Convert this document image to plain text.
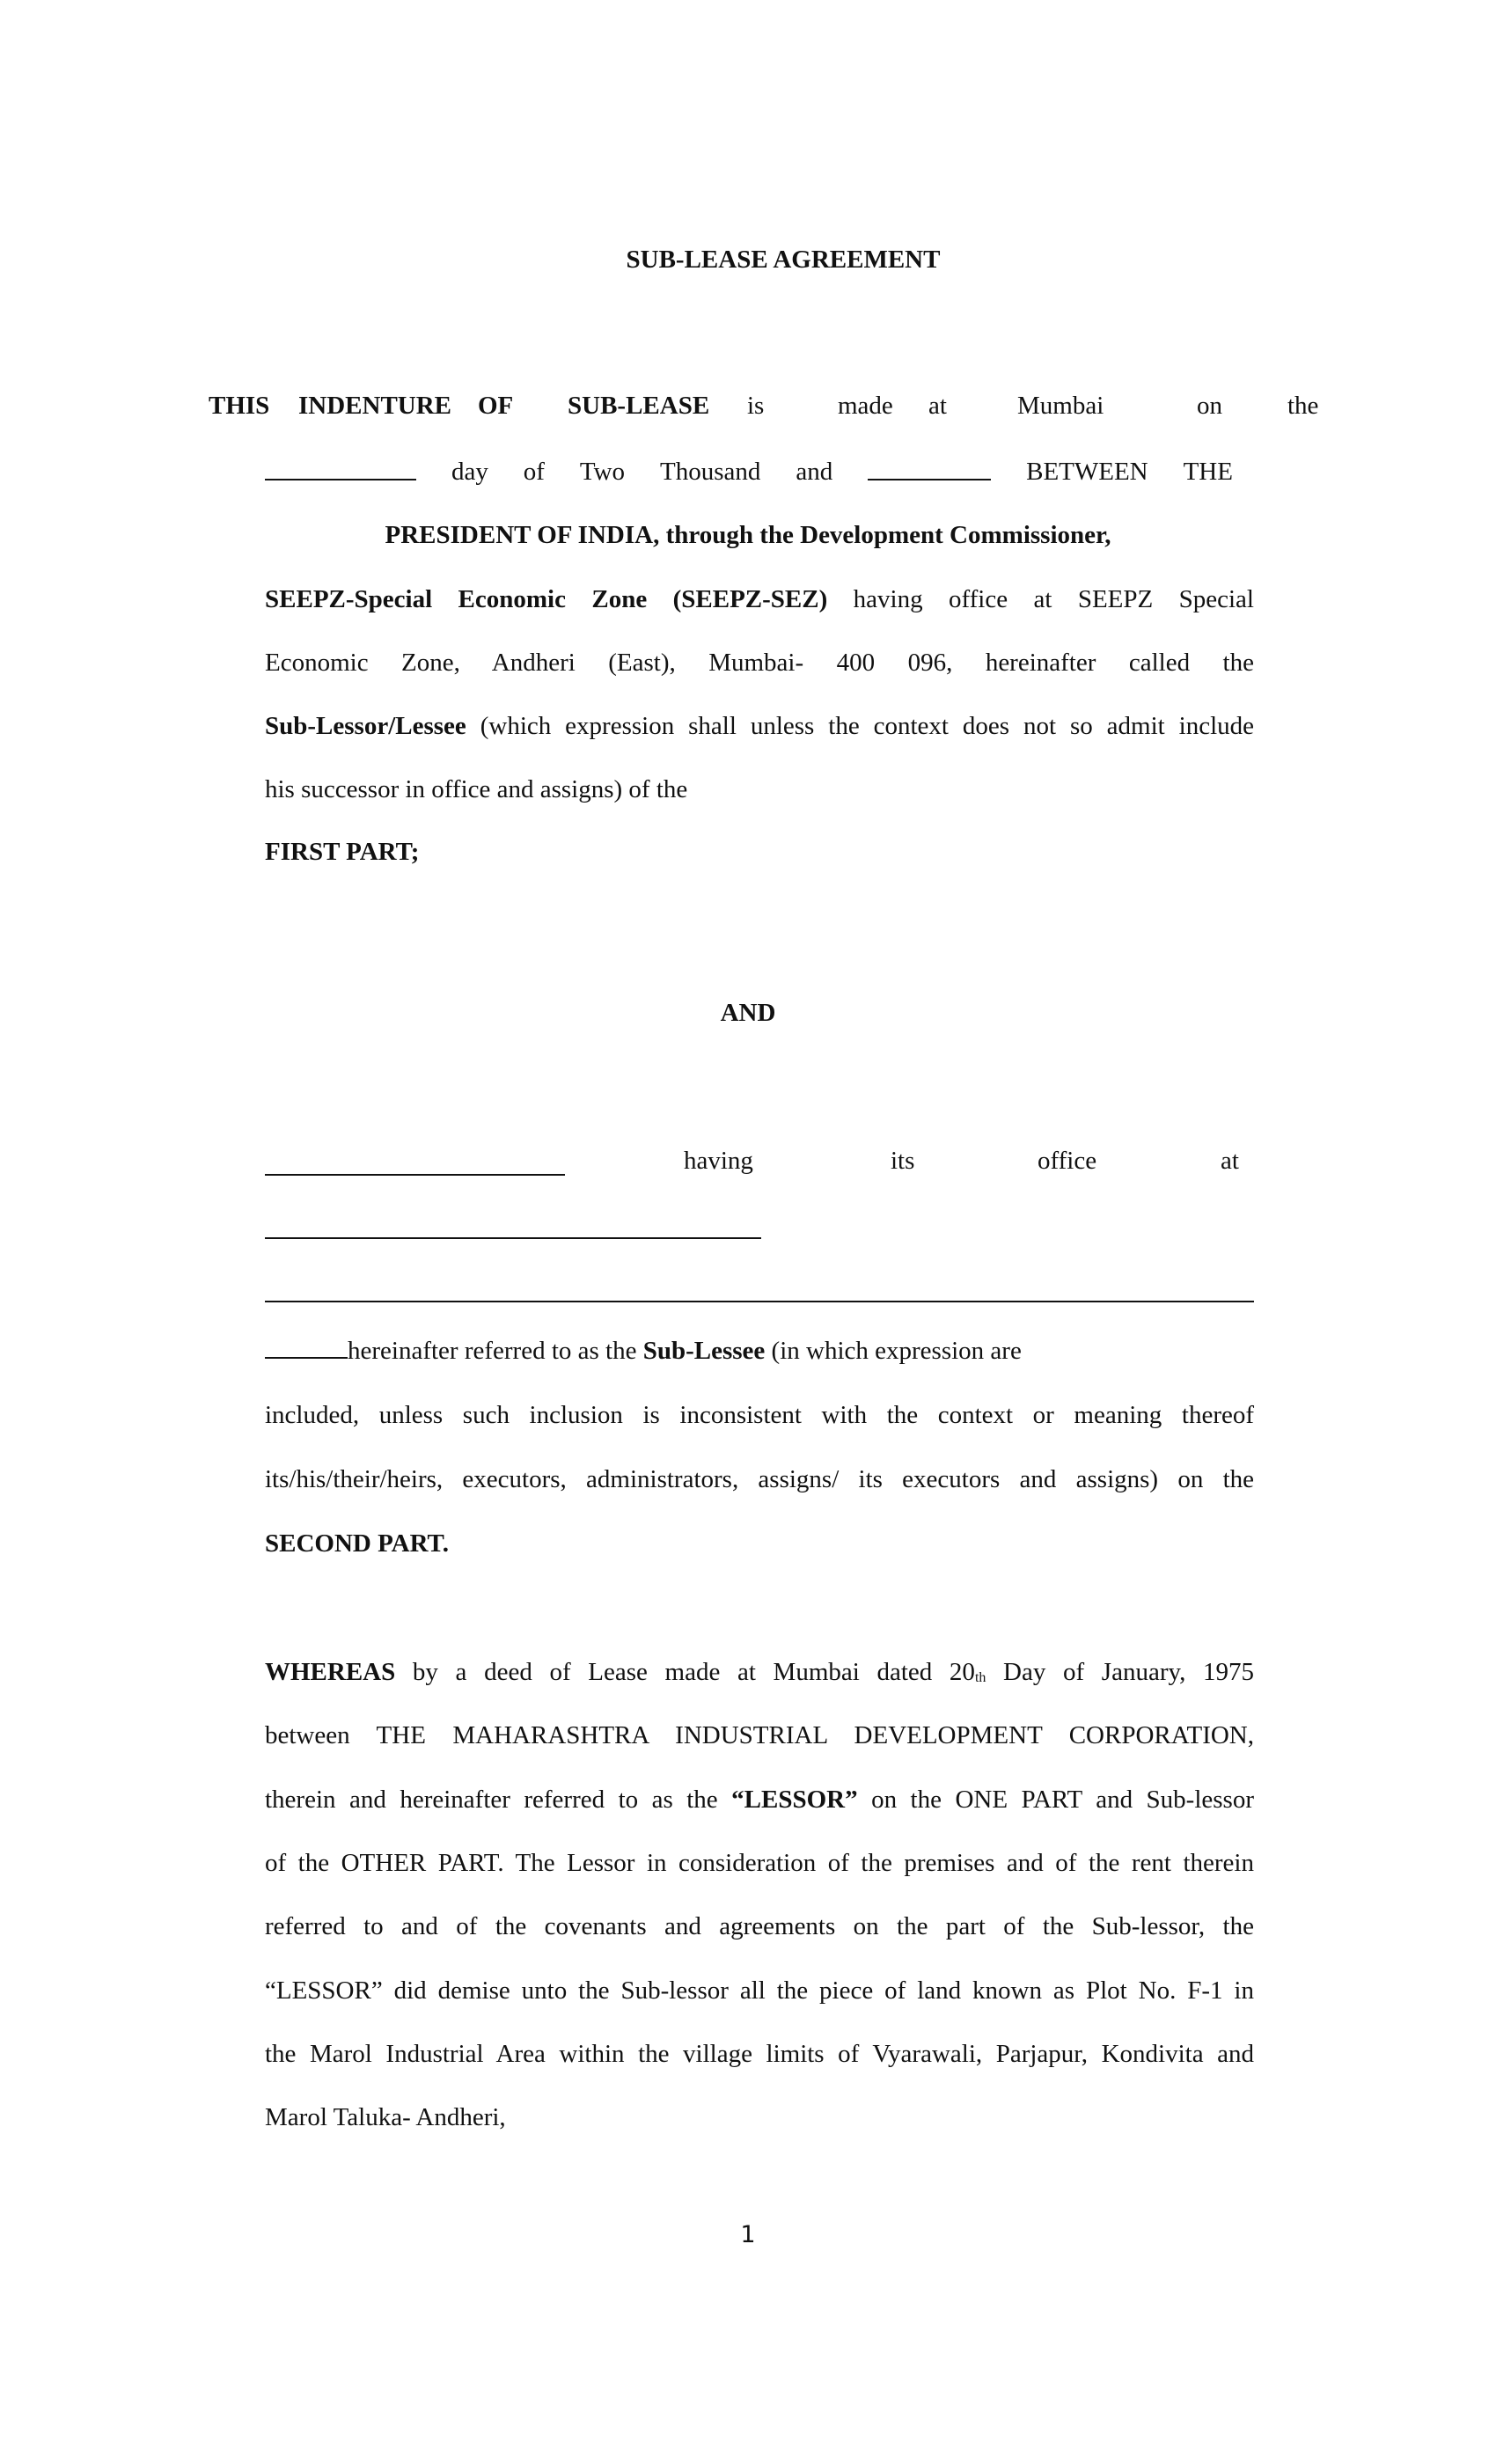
SUB-LEASE AGREEMENT
THIS INDENTURE OF SUB-LEASE is	made at	Mumbai	on	the
day of Two Thousand and	BETWEEN THE
PRESIDENT OF INDIA, through the Development Commissioner,
SEEPZ-Special Economic Zone (SEEPZ-SEZ) having office at SEEPZ Special
Economic Zone, Andheri (East), Mumbai- 400 096, hereinafter called the
Sub-Lessor/Lessee (which expression shall unless the context does not so admit include
his successor in office and assigns) of the
FIRST PART;
AND
having	its	office	at
hereinafter referred to as the Sub-Lessee (in which expression are
included, unless such inclusion is inconsistent with the context or meaning thereof
its/his/their/heirs, executors, administrators, assigns/ its executors and assigns) on the
SECOND PART.
WHEREAS by a deed of Lease made at Mumbai dated $20_{th}$ Day of January, 1975
between THE MAHARASHTRA INDUSTRIAL DEVELOPMENT CORPORATION,
therein and hereinafter referred to as the “LESSOR” on the ONE PART and Sub-lessor
of the OTHER PART. The Lessor in consideration of the premises and of the rent therein
referred to and of the covenants and agreements on the part of the Sub-lessor, the
“LESSOR” did demise unto the Sub-lessor all the piece of land known as Plot No. F-1 in
the Marol Industrial Area within the village limits of Vyarawali, Parjapur, Kondivita and
Marol Taluka- Andheri,
1
